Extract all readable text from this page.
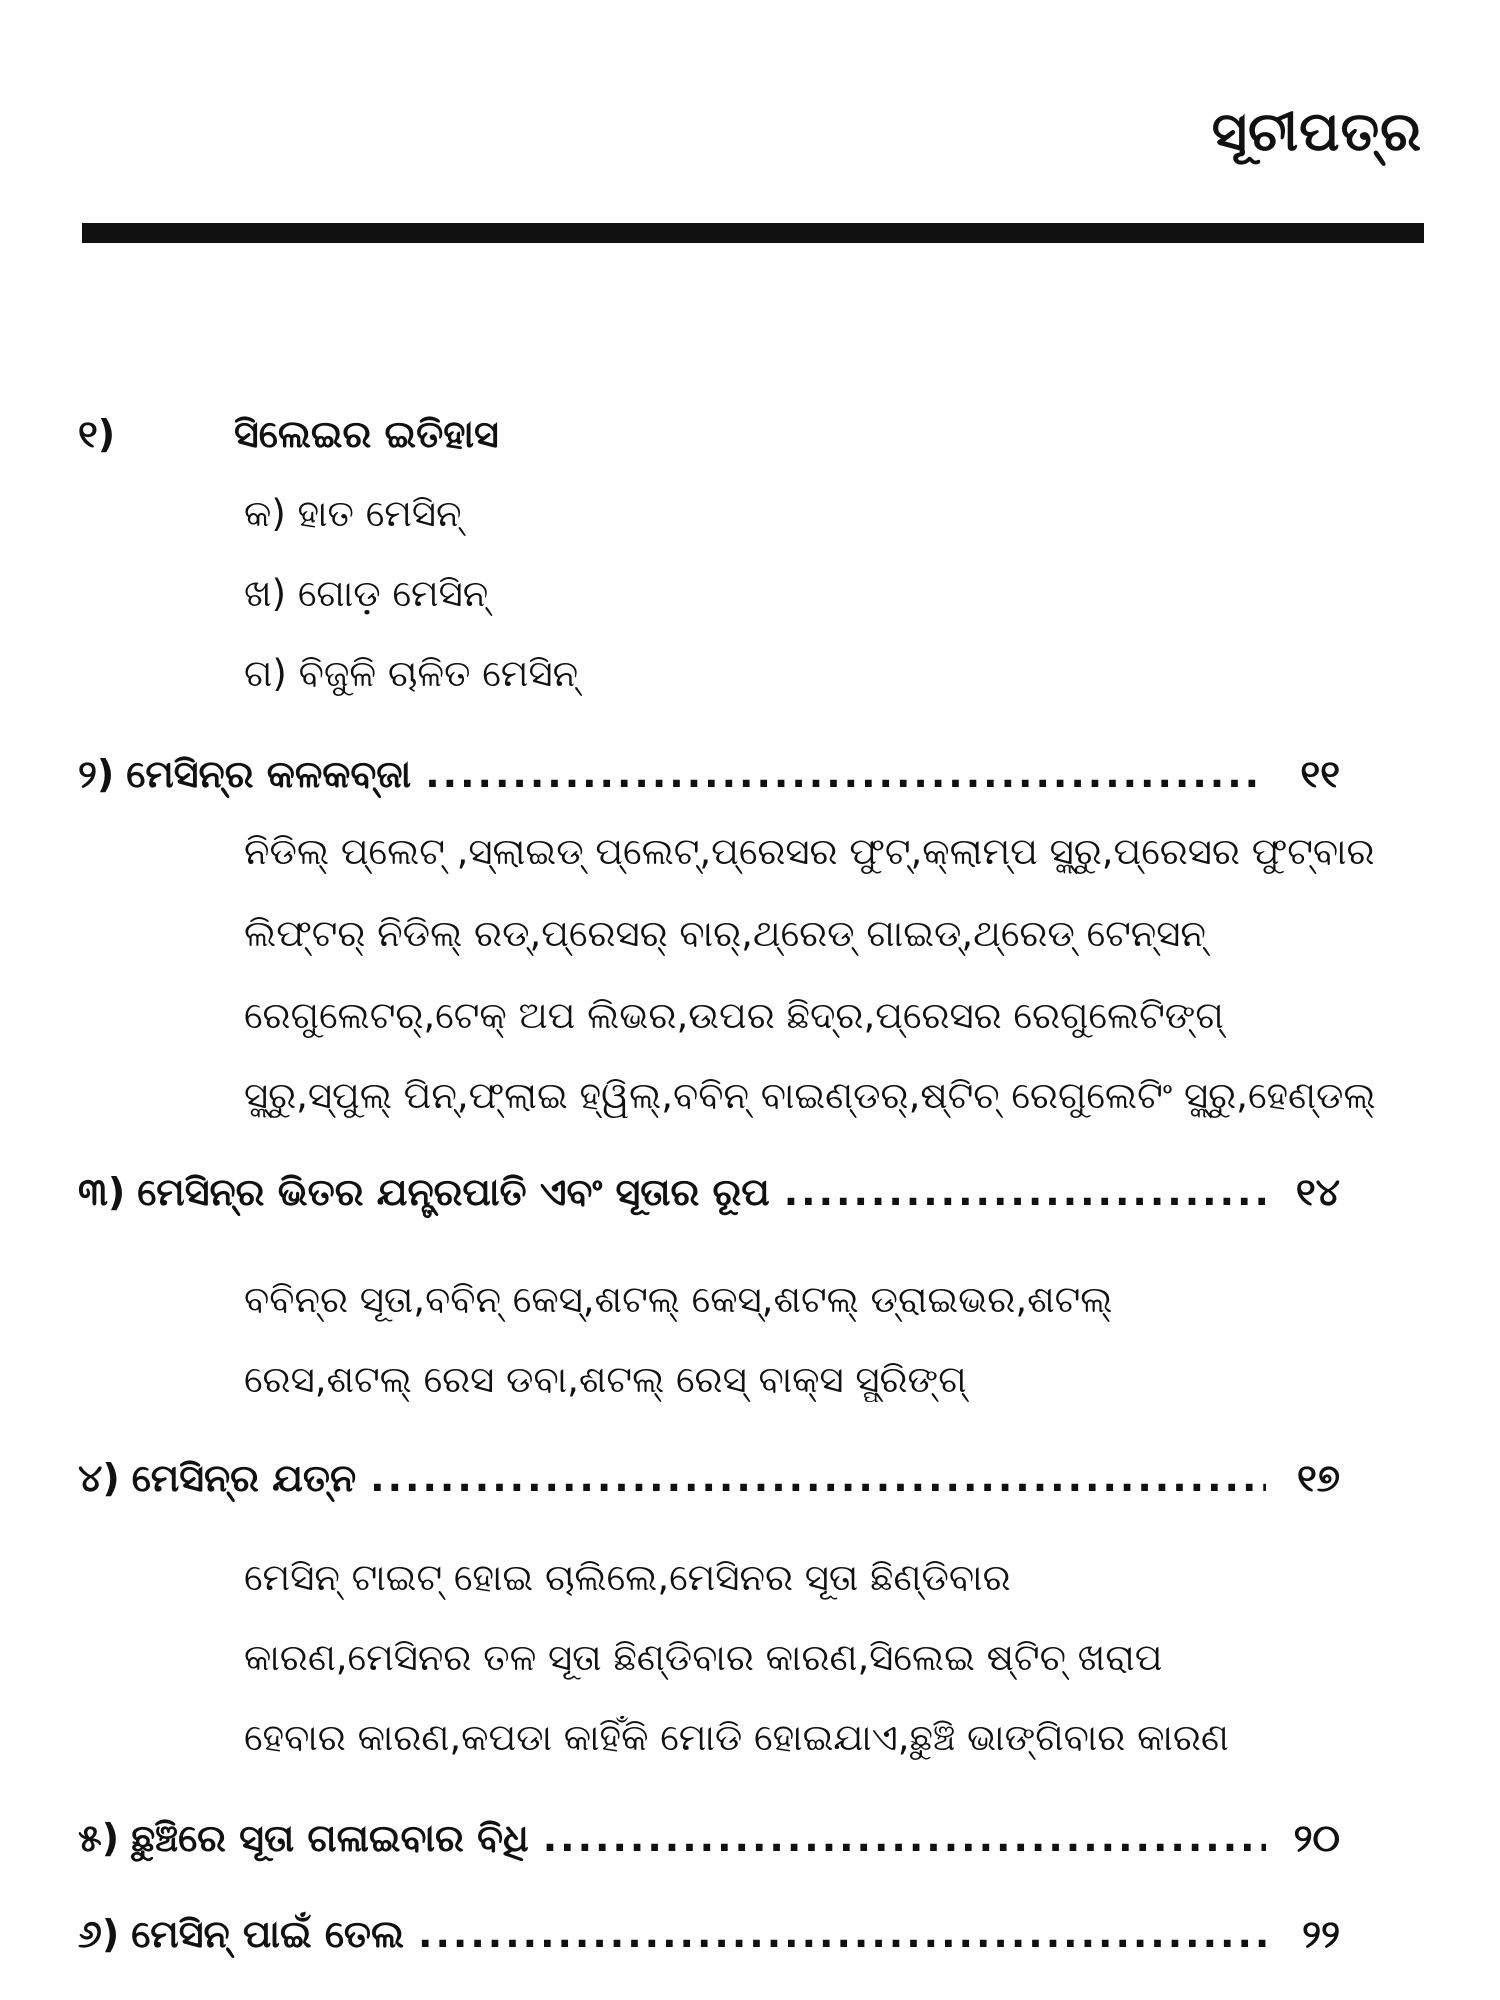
ସୂଚୀପତ୍ର
୧)	ସିଲେଇର ଇତିହାସ
କ) ହାତ ମେସିନ୍
ଖ) ଗୋଡ଼ ମେସିନ୍
ଗ) ବିଜୁଳି ଚାଳିତ ମେସିନ୍
୨) ମେସିନ୍‌ର କଳକବ୍ଜା .....	୧୧
ନିଡିଲ୍ ପ୍ଲେଟ୍ ,ସ୍ଲାଇଡ୍ ପ୍ଲେଟ୍,ପ୍ରେସର ଫୁଟ୍,କ୍ଲାମ୍ପ ସ୍କ୍ରୁ,ପ୍ରେସର ଫୁଟ୍‌ବାର
ଲିଫ୍ଟର୍ ନିଡିଲ୍ ରଡ୍,ପ୍ରେସର୍ ବାର୍,ଥ୍ରେଡ୍ ଗାଇଡ୍,ଥ୍ରେଡ୍ ଟେନ୍‌ସନ୍
ରେଗୁଲେଟର୍,ଟେକ୍ ଅପ ଲିଭର,ଉପର ଛିଦ୍ର,ପ୍ରେସର ରେଗୁଲେଟିଙ୍ଗ୍
ସ୍କ୍ରୁ,ସ୍ପୁଲ୍ ପିନ୍,ଫ୍ଲାଇ ହ୍ୱିଲ୍,ବବିନ୍ ବାଇଣ୍ଡର୍,ଷ୍ଟିଚ୍ ରେଗୁଲେଟିଂ ସ୍କ୍ରୁ,ହେଣ୍ଡଲ୍
୩) ମେସିନ୍‌ର ଭିତର ଯନ୍ତ୍ରପାତି ଏବଂ ସୂତାର ରୂପ .....	୧୪
ବବିନ୍‌ର ସୂତା,ବବିନ୍ କେସ୍,ଶଟଲ୍ କେସ୍,ଶଟଲ୍ ଡ୍ରାଇଭର,ଶଟଲ୍
ରେସ,ଶଟଲ୍ ରେସ ଡବା,ଶଟଲ୍ ରେସ୍ ବାକ୍ସ ସ୍ପ୍ରିଙ୍ଗ୍
୪) ମେସିନ୍‌ର ଯତ୍ନ .....	୧୭
ମେସିନ୍ ଟାଇଟ୍ ହୋଇ ଚାଲିଲେ,ମେସିନର ସୂତା ଛିଣ୍ଡିବାର
କାରଣ,ମେସିନର ତଳ ସୂତା ଛିଣ୍ଡିବାର କାରଣ,ସିଲେଇ ଷ୍ଟିଚ୍ ଖରାପ
ହେବାର କାରଣ,କପଡା କାହିଁକି ମୋଡି ହୋଇଯାଏ,ଛୁଞ୍ଚି ଭାଙ୍ଗିବାର କାରଣ
୫) ଛୁଞ୍ଚିରେ ସୂତା ଗଳାଇବାର ବିଧି .....	୨୦
୬) ମେସିନ୍ ପାଇଁ ତେଲ .....	୨୨
